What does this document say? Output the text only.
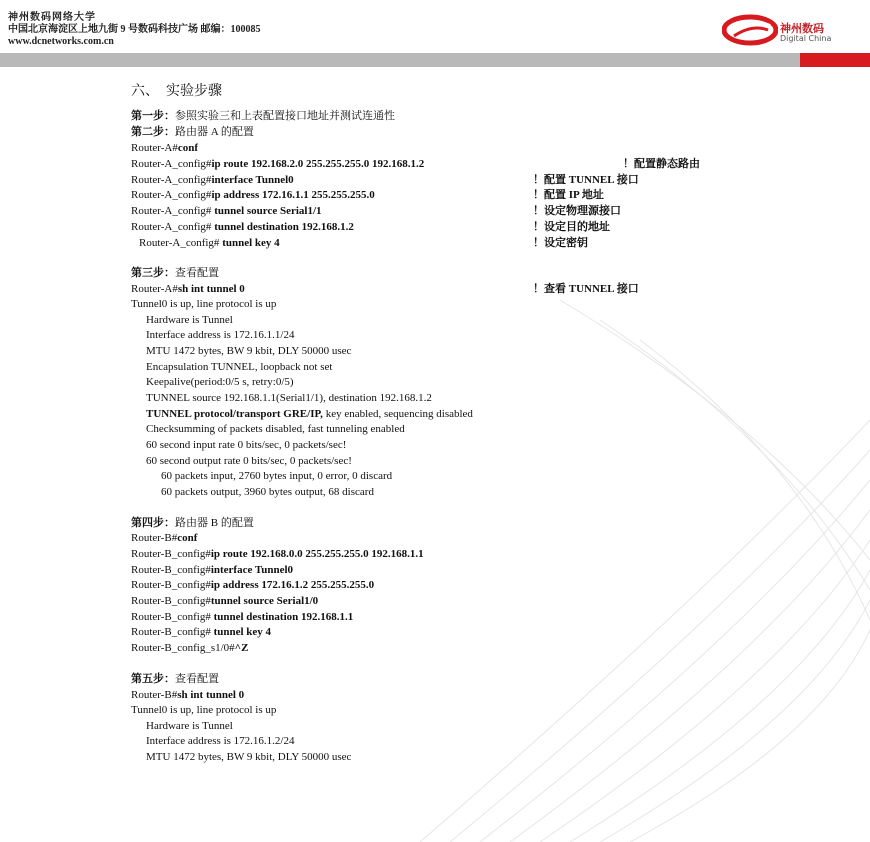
神州数码网络大学
中国北京海淀区上地九街 9 号数码科技广场 邮编：100085
www.dcnetworks.com.cn
神州数码
Digital China
六、　实验步骤
第一步：参照实验三和上表配置接口地址并测试连通性
第二步：路由器 A 的配置
Router-A#conf
Router-A_config#ip route 192.168.2.0 255.255.255.0 192.168.1.2	！配置静态路由
Router-A_config#interface Tunnel0	！配置 TUNNEL 接口
Router-A_config#ip address 172.16.1.1 255.255.255.0	！配置 IP 地址
Router-A_config# tunnel source Serial1/1	！设定物理源接口
Router-A_config# tunnel destination 192.168.1.2	！设定目的地址
Router-A_config# tunnel key 4	！设定密钥
第三步：查看配置
Router-A#sh int tunnel 0	！查看 TUNNEL 接口
Tunnel0 is up, line protocol is up
Hardware is Tunnel
Interface address is 172.16.1.1/24
MTU 1472 bytes, BW 9 kbit, DLY 50000 usec
Encapsulation TUNNEL, loopback not set
Keepalive(period:0/5 s, retry:0/5)
TUNNEL source 192.168.1.1(Serial1/1), destination 192.168.1.2
TUNNEL protocol/transport GRE/IP, key enabled, sequencing disabled
Checksumming of packets disabled, fast tunneling enabled
60 second input rate 0 bits/sec, 0 packets/sec!
60 second output rate 0 bits/sec, 0 packets/sec!
60 packets input, 2760 bytes input, 0 error, 0 discard
60 packets output, 3960 bytes output, 68 discard
第四步：路由器 B 的配置
Router-B#conf
Router-B_config#ip route 192.168.0.0 255.255.255.0 192.168.1.1
Router-B_config#interface Tunnel0
Router-B_config#ip address 172.16.1.2 255.255.255.0
Router-B_config#tunnel source Serial1/0
Router-B_config# tunnel destination 192.168.1.1
Router-B_config# tunnel key 4
Router-B_config_s1/0#^Z
第五步：查看配置
Router-B#sh int tunnel 0
Tunnel0 is up, line protocol is up
Hardware is Tunnel
Interface address is 172.16.1.2/24
MTU 1472 bytes, BW 9 kbit, DLY 50000 usec
